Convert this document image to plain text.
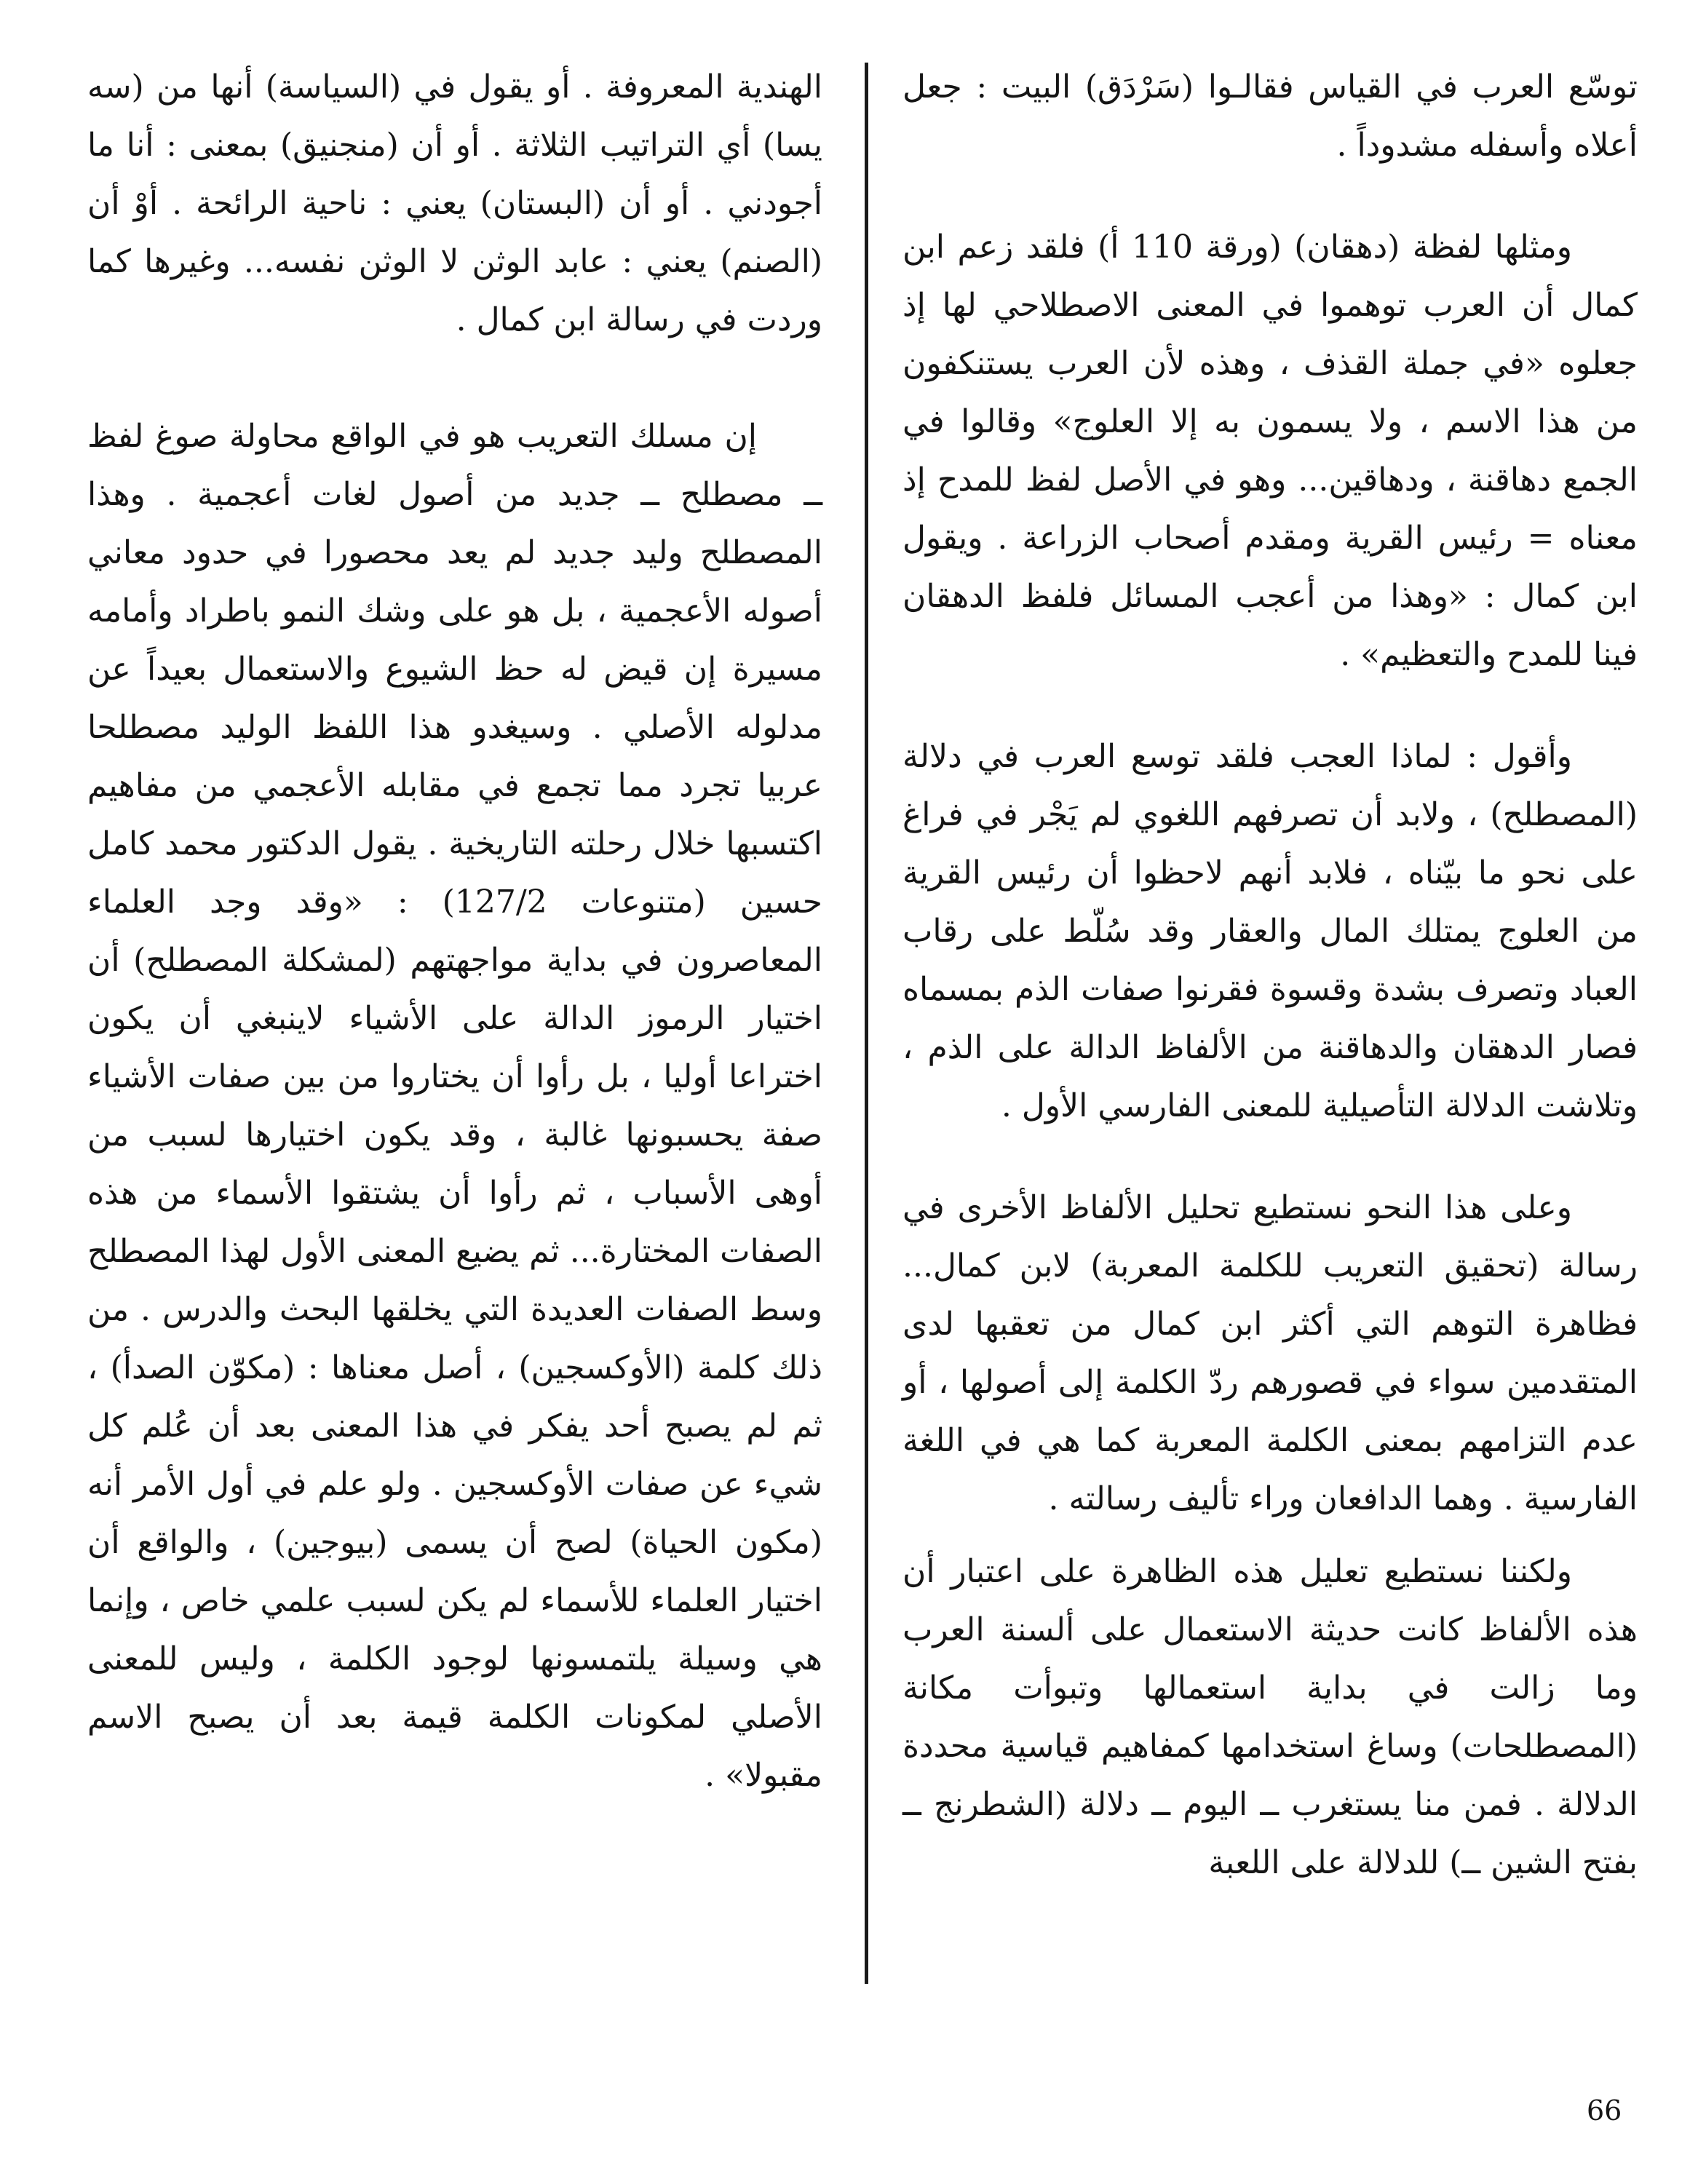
توسّع العرب في القياس فقالـوا (سَرْدَق) البيت : جعل أعلاه وأسفله مشدوداً .

ومثلها لفظة (دهقان) (ورقة 110 أ) فلقد زعم ابن كمال أن العرب توهموا في المعنى الاصطلاحي لها إذ جعلوه «في جملة القذف ، وهذه لأن العرب يستنكفون من هذا الاسم ، ولا يسمون به إلا العلوج» وقالوا في الجمع دهاقنة ، ودهاقين... وهو في الأصل لفظ للمدح إذ معناه = رئيس القرية ومقدم أصحاب الزراعة . ويقول ابن كمال : «وهذا من أعجب المسائل فلفظ الدهقان فينا للمدح والتعظيم» .

وأقول : لماذا العجب فلقد توسع العرب في دلالة (المصطلح) ، ولابد أن تصرفهم اللغوي لم يَجْر في فراغ على نحو ما بيّناه ، فلابد أنهم لاحظوا أن رئيس القرية من العلوج يمتلك المال والعقار وقد سُلّط على رقاب العباد وتصرف بشدة وقسوة فقرنوا صفات الذم بمسماه فصار الدهقان والدهاقنة من الألفاظ الدالة على الذم ، وتلاشت الدلالة التأصيلية للمعنى الفارسي الأول .

وعلى هذا النحو نستطيع تحليل الألفاظ الأخرى في رسالة (تحقيق التعريب للكلمة المعربة) لابن كمال... فظاهرة التوهم التي أكثر ابن كمال من تعقبها لدى المتقدمين سواء في قصورهم ردّ الكلمة إلى أصولها ، أو عدم التزامهم بمعنى الكلمة المعربة كما هي في اللغة الفارسية . وهما الدافعان وراء تأليف رسالته .

ولكننا نستطيع تعليل هذه الظاهرة على اعتبار أن هذه الألفاظ كانت حديثة الاستعمال على ألسنة العرب وما زالت في بداية استعمالها وتبوأت مكانة (المصطلحات) وساغ استخدامها كمفاهيم قياسية محددة الدلالة . فمن منا يستغرب ــ اليوم ــ دلالة (الشطرنج ــ بفتح الشين ــ) للدلالة على اللعبة

الهندية المعروفة . أو يقول في (السياسة) أنها من (سه يسا) أي التراتيب الثلاثة . أو أن (منجنيق) بمعنى : أنا ما أجودني . أو أن (البستان) يعني : ناحية الرائحة . أوْ أن (الصنم) يعني : عابد الوثن لا الوثن نفسه... وغيرها كما وردت في رسالة ابن كمال .

إن مسلك التعريب هو في الواقع محاولة صوغ لفظ ــ مصطلح ــ جديد من أصول لغات أعجمية . وهذا المصطلح وليد جديد لم يعد محصورا في حدود معاني أصوله الأعجمية ، بل هو على وشك النمو باطراد وأمامه مسيرة إن قيض له حظ الشيوع والاستعمال بعيداً عن مدلوله الأصلي . وسيغدو هذا اللفظ الوليد مصطلحا عربيا تجرد مما تجمع في مقابله الأعجمي من مفاهيم اكتسبها خلال رحلته التاريخية . يقول الدكتور محمد كامل حسين (متنوعات 127/2) : «وقد وجد العلماء المعاصرون في بداية مواجهتهم (لمشكلة المصطلح) أن اختيار الرموز الدالة على الأشياء لاينبغي أن يكون اختراعا أوليا ، بل رأوا أن يختاروا من بين صفات الأشياء صفة يحسبونها غالبة ، وقد يكون اختيارها لسبب من أوهى الأسباب ، ثم رأوا أن يشتقوا الأسماء من هذه الصفات المختارة... ثم يضيع المعنى الأول لهذا المصطلح وسط الصفات العديدة التي يخلقها البحث والدرس . من ذلك كلمة (الأوكسجين) ، أصل معناها : (مكوّن الصدأ) ، ثم لم يصبح أحد يفكر في هذا المعنى بعد أن عُلم كل شيء عن صفات الأوكسجين . ولو علم في أول الأمر أنه (مكون الحياة) لصح أن يسمى (بيوجين) ، والواقع أن اختيار العلماء للأسماء لم يكن لسبب علمي خاص ، وإنما هي وسيلة يلتمسونها لوجود الكلمة ، وليس للمعنى الأصلي لمكونات الكلمة قيمة بعد أن يصبح الاسم مقبولا» .

66
